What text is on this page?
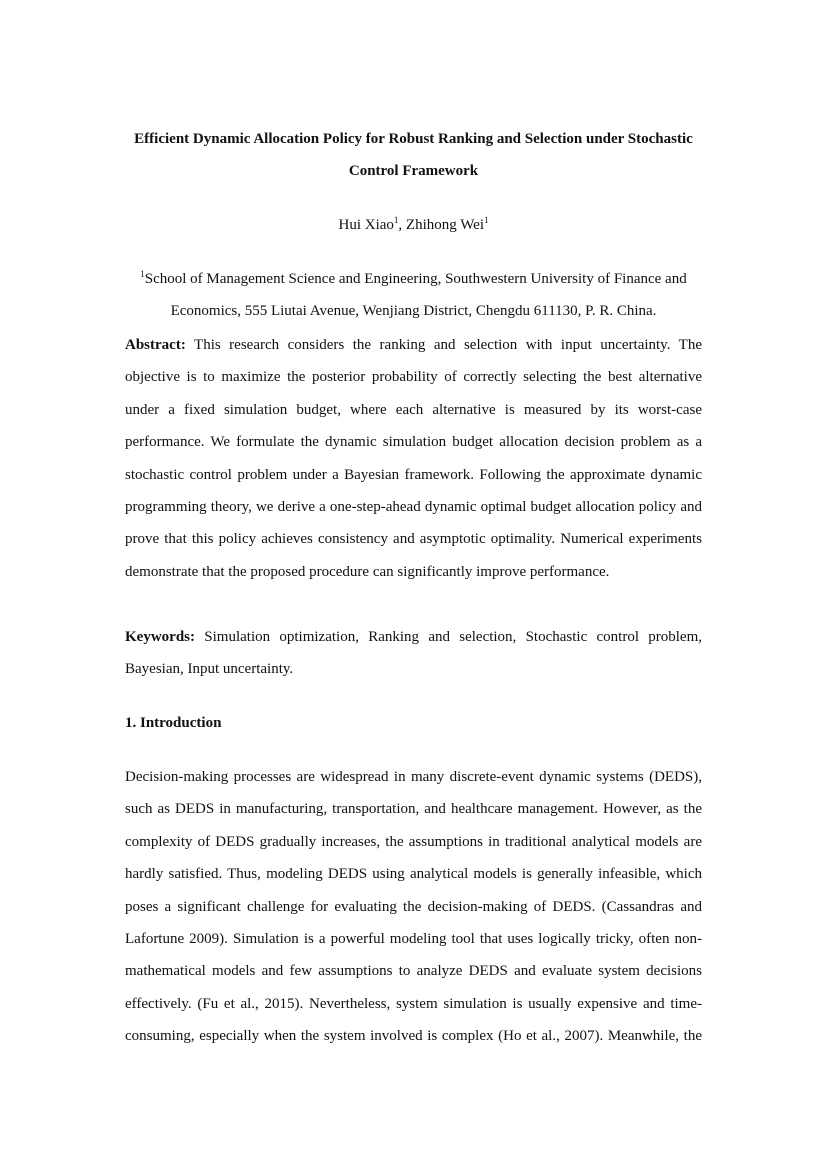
Efficient Dynamic Allocation Policy for Robust Ranking and Selection under Stochastic
Control Framework
Hui Xiao$^1$, Zhihong Wei$^1$
$^1$School of Management Science and Engineering, Southwestern University of Finance and
Economics, 555 Liutai Avenue, Wenjiang District, Chengdu 611130, P. R. China.
Abstract: This research considers the ranking and selection with input uncertainty. The
objective is to maximize the posterior probability of correctly selecting the best alternative
under a fixed simulation budget, where each alternative is measured by its worst-case
performance. We formulate the dynamic simulation budget allocation decision problem as a
stochastic control problem under a Bayesian framework. Following the approximate dynamic
programming theory, we derive a one-step-ahead dynamic optimal budget allocation policy and
prove that this policy achieves consistency and asymptotic optimality. Numerical experiments
demonstrate that the proposed procedure can significantly improve performance.
Keywords: Simulation optimization, Ranking and selection, Stochastic control problem,
Bayesian, Input uncertainty.
1. Introduction
Decision-making processes are widespread in many discrete-event dynamic systems (DEDS),
such as DEDS in manufacturing, transportation, and healthcare management. However, as the
complexity of DEDS gradually increases, the assumptions in traditional analytical models are
hardly satisfied. Thus, modeling DEDS using analytical models is generally infeasible, which
poses a significant challenge for evaluating the decision-making of DEDS. (Cassandras and
Lafortune 2009). Simulation is a powerful modeling tool that uses logically tricky, often non-
mathematical models and few assumptions to analyze DEDS and evaluate system decisions
effectively. (Fu et al., 2015). Nevertheless, system simulation is usually expensive and time-
consuming, especially when the system involved is complex (Ho et al., 2007). Meanwhile, the
